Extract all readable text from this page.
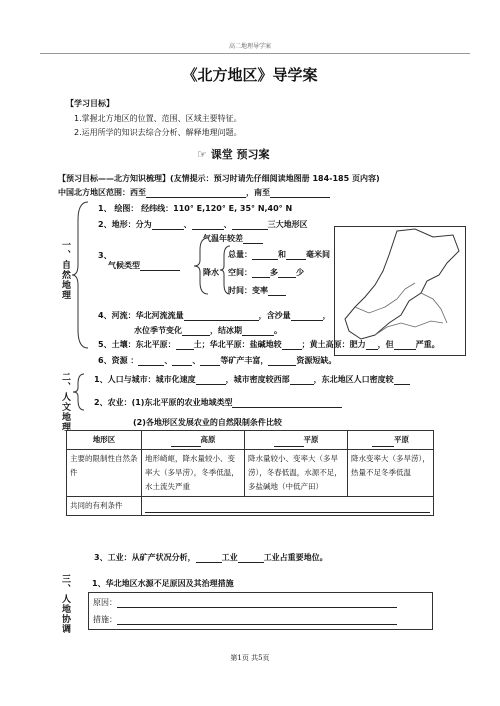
高二地理导学案
《北方地区》导学案
【学习目标】
1.掌握北方地区的位置、范围、区域主要特征。
2.运用所学的知识去综合分析、解释地理问题。
☞ 课堂 预习案
【预习目标——北方知识梳理】(友情提示：预习时请先仔细阅读地图册 184-185 页内容)
中国北方地区范围：西至	，南至
一、自然地理
1、 绘图： 经纬线：110° E,120° E, 35° N,40° N
2、地形：分为	、	、	三大地形区
3、
气候类型
气温年较差
降水
总量：	和	毫米间
空间： 多 少
时间：变率
4、河流：华北河流流量	，含沙量	，
水位季节变化	，结冰期	。
5、土壤：东北平原： 土；华北平原：盐碱地较	；黄土高原：肥力 ，但	严重。
6、资源 ：	、	、	等矿产丰富，	资源短缺。
二、人文地理	1、人口与城市：城市化速度	，城市密度较西部	，东北地区人口密度较
2、农业：(1)东北平原的农业地域类型
(2)各地形区发展农业的自然限制条件比较
地形区	高原	平原	平原
主要的限制性自然条件	地形崎岖，降水量较小、变率大（多旱涝），冬季低温，水土流失严重	降水量较小、变率大（多旱涝），冬春低温，水源不足，多盐碱地（中低产田）	降水变率大（多旱涝），热量不足冬季低温
共同的有利条件			
3、工业：从矿产状况分析，	工业	工业占重要地位。
三、人地协调	1、华北地区水源不足原因及其治理措施
原因：
措施：
第1页 共5页
